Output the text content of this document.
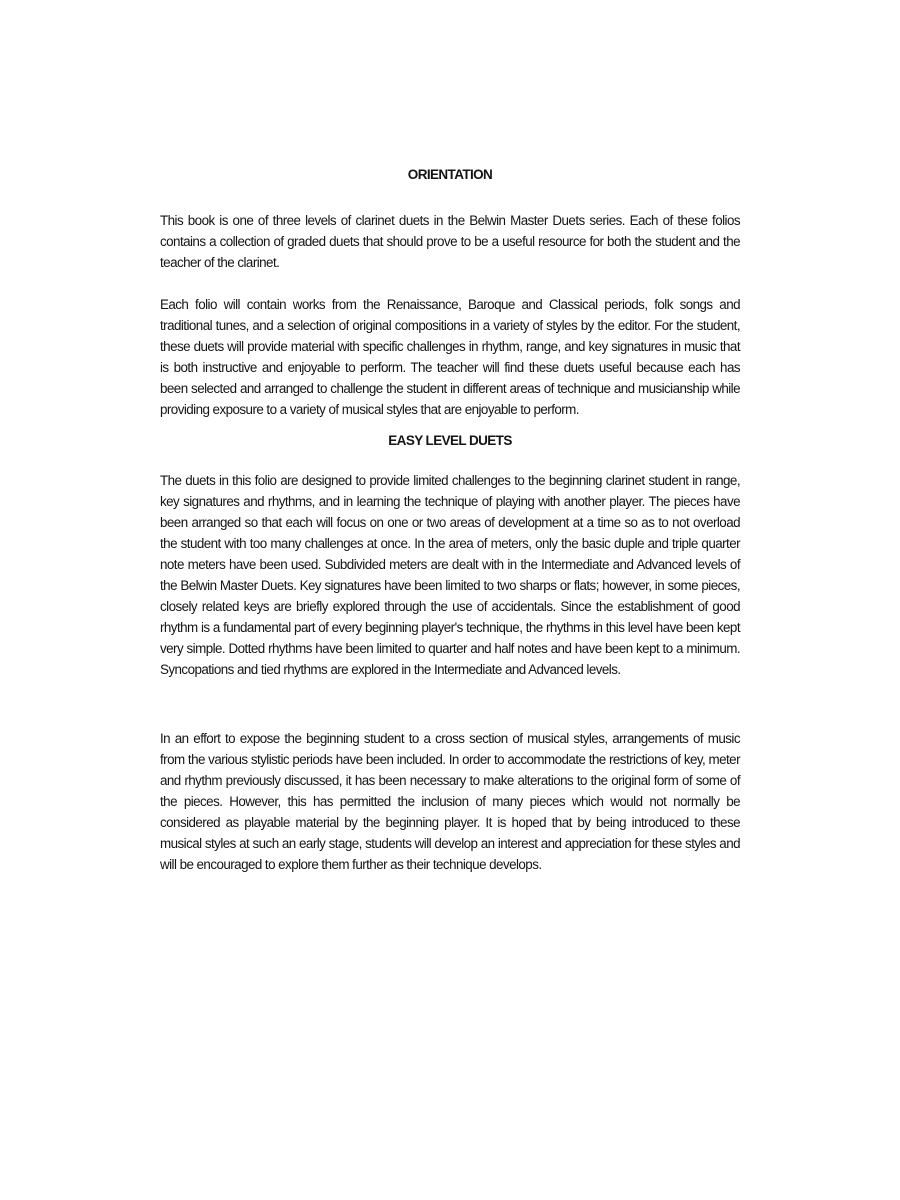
ORIENTATION

This book is one of three levels of clarinet duets in the Belwin Master Duets series. Each of these folios contains a collection of graded duets that should prove to be a useful resource for both the student and the teacher of the clarinet.

Each folio will contain works from the Renaissance, Baroque and Classical periods, folk songs and traditional tunes, and a selection of original compositions in a variety of styles by the editor. For the student, these duets will provide material with specific challenges in rhythm, range, and key signatures in music that is both instructive and enjoyable to perform. The teacher will find these duets useful because each has been selected and arranged to challenge the student in different areas of technique and musicianship while providing exposure to a variety of musical styles that are enjoyable to perform.

EASY LEVEL DUETS

The duets in this folio are designed to provide limited challenges to the beginning clarinet student in range, key signatures and rhythms, and in learning the technique of playing with another player. The pieces have been arranged so that each will focus on one or two areas of development at a time so as to not overload the student with too many challenges at once. In the area of meters, only the basic duple and triple quarter note meters have been used. Subdivided meters are dealt with in the Intermediate and Advanced levels of the Belwin Master Duets. Key signatures have been limited to two sharps or flats; however, in some pieces, closely related keys are briefly explored through the use of accidentals. Since the establishment of good rhythm is a fundamental part of every beginning player's technique, the rhythms in this level have been kept very simple. Dotted rhythms have been limited to quarter and half notes and have been kept to a minimum. Syncopations and tied rhythms are explored in the Intermediate and Advanced levels.

In an effort to expose the beginning student to a cross section of musical styles, arrangements of music from the various stylistic periods have been included. In order to accommodate the restrictions of key, meter and rhythm previously discussed, it has been necessary to make alterations to the original form of some of the pieces. However, this has permitted the inclusion of many pieces which would not normally be considered as playable material by the beginning player. It is hoped that by being introduced to these musical styles at such an early stage, students will develop an interest and appreciation for these styles and will be encouraged to explore them further as their technique develops.
